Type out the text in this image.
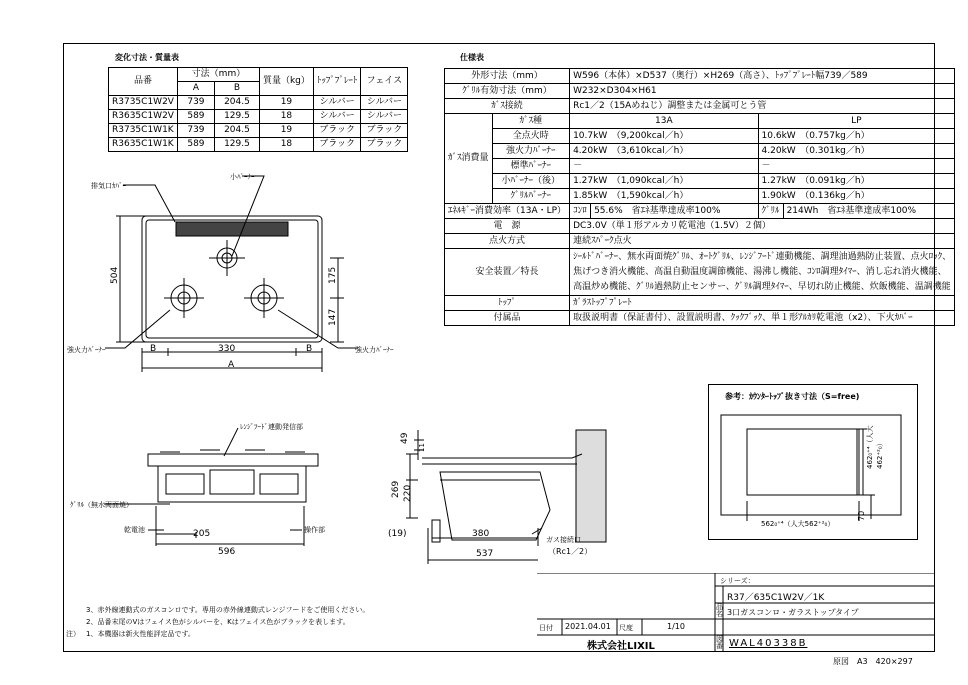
変化寸法・質量表
品番	寸法（mm）		質量（kg）	ﾄｯﾌﾟﾌﾟﾚｰﾄ	フェイス
	A	B			
R3735C1W2V	739	204.5	19	シルバー	シルバー
R3635C1W2V	589	129.5	18	シルバー	シルバー
R3735C1W1K	739	204.5	19	ブラック	ブラック
R3635C1W1K	589	129.5	18	ブラック	ブラック
仕様表
外形寸法（mm）		W596（本体）×D537（奥行）×H269（高さ）、ﾄｯﾌﾟﾌﾟﾚｰﾄ幅739／589			
ｸﾞﾘﾙ有効寸法（mm）		W232×D304×H61			
ｶﾞｽ接続		Rc1／2（15Aめねじ）調整または金属可とう管			
ｶﾞｽ消費量	ｶﾞｽ種	13A		LP	
	全点火時	10.7kW　（9,200kcal／h）		10.6kW　（0.757kg／h）	
	強火力ﾊﾞｰﾅｰ	4.20kW　（3,610kcal／h）		4.20kW　（0.301kg／h）	
	標準ﾊﾞｰﾅｰ	－		－	
	小ﾊﾞｰﾅｰ（後）	1.27kW　（1,090kcal／h）		1.27kW　（0.091kg／h）	
	ｸﾞﾘﾙﾊﾞｰﾅｰ	1.85kW　（1,590kcal／h）		1.90kW　（0.136kg／h）	
ｴﾈﾙｷﾞｰ消費効率（13A・LP）		ｺﾝﾛ	55.6%　省ｴﾈ基準達成率100%	ｸﾞﾘﾙ	214Wh　省ｴﾈ基準達成率100%
電　源		DC3.0V（単１形アルカリ乾電池（1.5V）２個）			
点火方式		連続ｽﾊﾟｰｸ点火			
安全装置／特長		ｼｰﾙﾄﾞﾊﾞｰﾅｰ、無水両面焼ｸﾞﾘﾙ、ｵｰﾄｸﾞﾘﾙ、ﾚﾝｼﾞﾌｰﾄﾞ連動機能、調理油過熱防止装置、点火ﾛｯｸ、
焦げつき消火機能、高温自動温度調節機能、湯沸し機能、ｺﾝﾛ調理ﾀｲﾏｰ、消し忘れ消火機能、
高温炒め機能、ｸﾞﾘﾙ過熱防止センサー、ｸﾞﾘﾙ調理ﾀｲﾏｰ、早切れ防止機能、炊飯機能、温調機能			

ﾄｯﾌﾟ		ｶﾞﾗｽﾄｯﾌﾟﾌﾟﾚｰﾄ			
付属品		取扱説明書（保証書付）、設置説明書、ｸｯｸﾌﾞｯｸ、単１形ｱﾙｶﾘ乾電池（x2）、下火ｶﾊﾞｰ			
排気口ｶﾊﾞｰ
小ﾊﾞｰﾅｰ
強火力ﾊﾞｰﾅｰ	強火力ﾊﾞｰﾅｰ
504	175
147
B	330	B
A
ﾚﾝｼﾞﾌｰﾄﾞ連動発信部
ｸﾞﾘﾙ（無水両面焼）
乾電池	操作部
205
596
49
11
269 220
(19)	380
537
ガス接続口
（Rc1／2）
参考：ｶｳﾝﾀｰﾄｯﾌﾟ抜き寸法（S=free)
562₀⁺⁴（人大562⁺²₀）
462₀⁺⁴（人大462⁺²₀）
70
3、赤外線連動式のガスコンロです。専用の赤外線連動式レンジフードをご使用ください。
2、品番末尾のVはフェイス色がシルバーを、Kはフェイス色がブラックを表します。
注） 1、本機器は新火性能評定品です。
シリーズ：
R37／635C1W2V／1K
品名 3口ガスコンロ・ガラストップタイプ
日付 2021.04.01 尺度	1/10
株式会社LIXIL
図番 WAL40338B
原図　A3　420×297
